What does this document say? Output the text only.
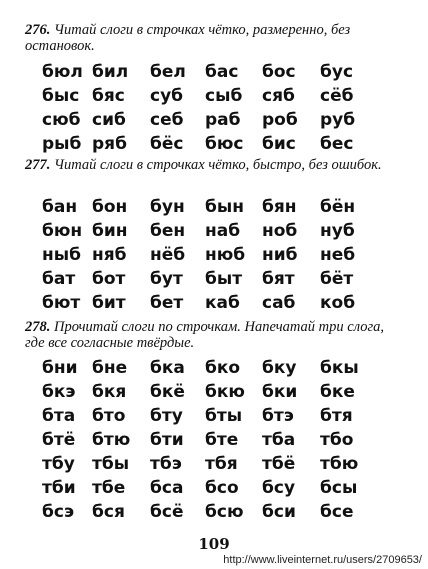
276. Читай слоги в строчках чётко, размеренно, без остановок.
бюл бил бел бас бос бус
быс бяс суб сыб сяб сёб
сюб сиб себ раб роб руб
рыб ряб бёс бюс бис бес
277. Читай слоги в строчках чётко, быстро, без ошибок.
бан бон бун бын бян бён
бюн бин бен наб ноб нуб
ныб няб нёб нюб ниб неб
бат бот бут быт бят бёт
бют бит бет каб саб коб
278. Прочитай слоги по строчкам. Напечатай три слога, где все согласные твёрдые.
бни бне бка бко бку бкы
бкэ бкя бкё бкю бки бке
бта бто бту бты бтэ бтя
бтё бтю бти бте тба тбо
тбу тбы тбэ тбя тбё тбю
тби тбе бса бсо бсу бсы
бсэ бся бсё бсю бси бсе
109
http://www.liveinternet.ru/users/2709653/
